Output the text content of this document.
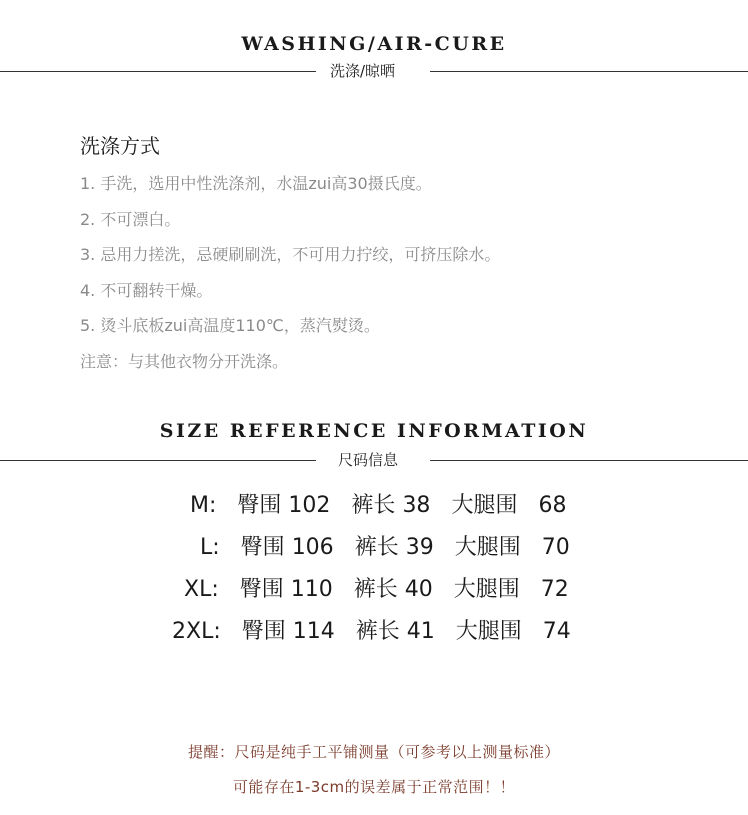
WASHING/AIR-CURE
洗涤/晾晒
洗涤方式
1. 手洗，选用中性洗涤剂，水温zui高30摄氏度。
2. 不可漂白。
3. 忌用力搓洗，忌硬刷刷洗，不可用力拧绞，可挤压除水。
4. 不可翻转干燥。
5. 烫斗底板zui高温度110℃，蒸汽熨烫。
注意：与其他衣物分开洗涤。
SIZE REFERENCE INFORMATION
尺码信息
M: 臀围 102 裤长 38 大腿围 68
L: 臀围 106 裤长 39 大腿围 70
XL: 臀围 110 裤长 40 大腿围 72
2XL: 臀围 114 裤长 41 大腿围 74
提醒：尺码是纯手工平铺测量（可参考以上测量标准）
可能存在1-3cm的误差属于正常范围！！
